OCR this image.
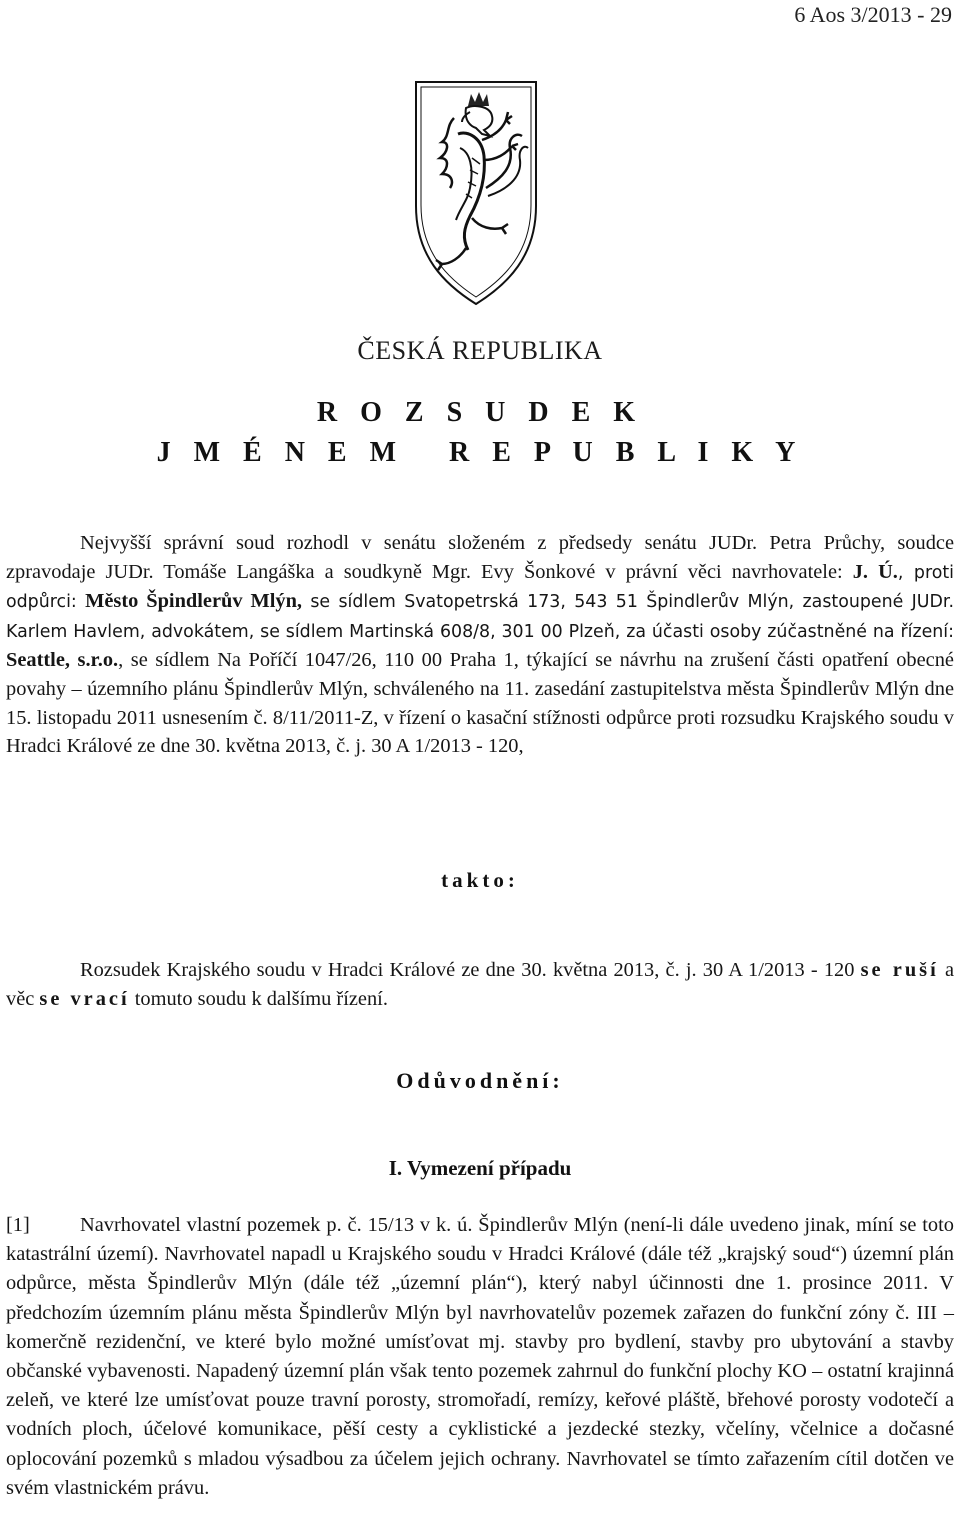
6 Aos 3/2013 - 29
ČESKÁ REPUBLIKA
R O Z S U D E K
J M É N E M   R E P U B L I K Y
Nejvyšší správní soud rozhodl v senátu složeném z předsedy senátu JUDr. Petra Průchy, soudce zpravodaje JUDr. Tomáše Langáška a soudkyně Mgr. Evy Šonkové v právní věci navrhovatele: J. Ú., proti odpůrci: Město Špindlerův Mlýn, se sídlem Svatopetrská 173, 543 51 Špindlerův Mlýn, zastoupené JUDr. Karlem Havlem, advokátem, se sídlem Martinská 608/8, 301 00 Plzeň, za účasti osoby zúčastněné na řízení: Seattle, s.r.o., se sídlem Na Poříčí 1047/26, 110 00 Praha 1, týkající se návrhu na zrušení části opatření obecné povahy – územního plánu Špindlerův Mlýn, schváleného na 11. zasedání zastupitelstva města Špindlerův Mlýn dne 15. listopadu 2011 usnesením č. 8/11/2011-Z, v řízení o kasační stížnosti odpůrce proti rozsudku Krajského soudu v Hradci Králové ze dne 30. května 2013, č. j. 30 A 1/2013 - 120,
takto:
Rozsudek Krajského soudu v Hradci Králové ze dne 30. května 2013, č. j. 30 A 1/2013 - 120 se ruší a věc se vrací tomuto soudu k dalšímu řízení.
Odůvodnění:
I. Vymezení případu
[1] Navrhovatel vlastní pozemek p. č. 15/13 v k. ú. Špindlerův Mlýn (není-li dále uvedeno jinak, míní se toto katastrální území). Navrhovatel napadl u Krajského soudu v Hradci Králové (dále též „krajský soud“) územní plán odpůrce, města Špindlerův Mlýn (dále též „územní plán“), který nabyl účinnosti dne 1. prosince 2011. V předchozím územním plánu města Špindlerův Mlýn byl navrhovatelův pozemek zařazen do funkční zóny č. III – komerčně rezidenční, ve které bylo možné umísťovat mj. stavby pro bydlení, stavby pro ubytování a stavby občanské vybavenosti. Napadený územní plán však tento pozemek zahrnul do funkční plochy KO – ostatní krajinná zeleň, ve které lze umísťovat pouze travní porosty, stromořadí, remízy, keřové pláště, břehové porosty vodotečí a vodních ploch, účelové komunikace, pěší cesty a cyklistické a jezdecké stezky, včelíny, včelnice a dočasné oplocování pozemků s mladou výsadbou za účelem jejich ochrany. Navrhovatel se tímto zařazením cítil dotčen ve svém vlastnickém právu.
